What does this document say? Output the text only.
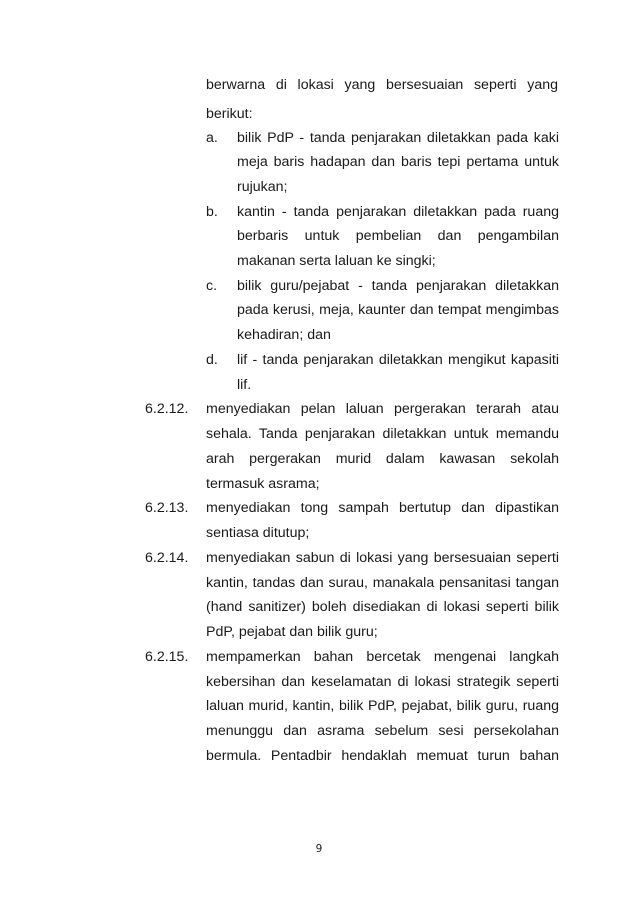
berwarna di lokasi yang bersesuaian seperti yang
berikut:
a. bilik PdP - tanda penjarakan diletakkan pada kaki
meja baris hadapan dan baris tepi pertama untuk
rujukan;
b. kantin - tanda penjarakan diletakkan pada ruang
berbaris untuk pembelian dan pengambilan
makanan serta laluan ke singki;
c. bilik guru/pejabat - tanda penjarakan diletakkan
pada kerusi, meja, kaunter dan tempat mengimbas
kehadiran; dan
d. lif - tanda penjarakan diletakkan mengikut kapasiti
lif.
6.2.12. menyediakan pelan laluan pergerakan terarah atau
sehala. Tanda penjarakan diletakkan untuk memandu
arah pergerakan murid dalam kawasan sekolah
termasuk asrama;
6.2.13. menyediakan tong sampah bertutup dan dipastikan
sentiasa ditutup;
6.2.14. menyediakan sabun di lokasi yang bersesuaian seperti
kantin, tandas dan surau, manakala pensanitasi tangan
(hand sanitizer) boleh disediakan di lokasi seperti bilik
PdP, pejabat dan bilik guru;
6.2.15. mempamerkan bahan bercetak mengenai langkah
kebersihan dan keselamatan di lokasi strategik seperti
laluan murid, kantin, bilik PdP, pejabat, bilik guru, ruang
menunggu dan asrama sebelum sesi persekolahan
bermula. Pentadbir hendaklah memuat turun bahan
9
